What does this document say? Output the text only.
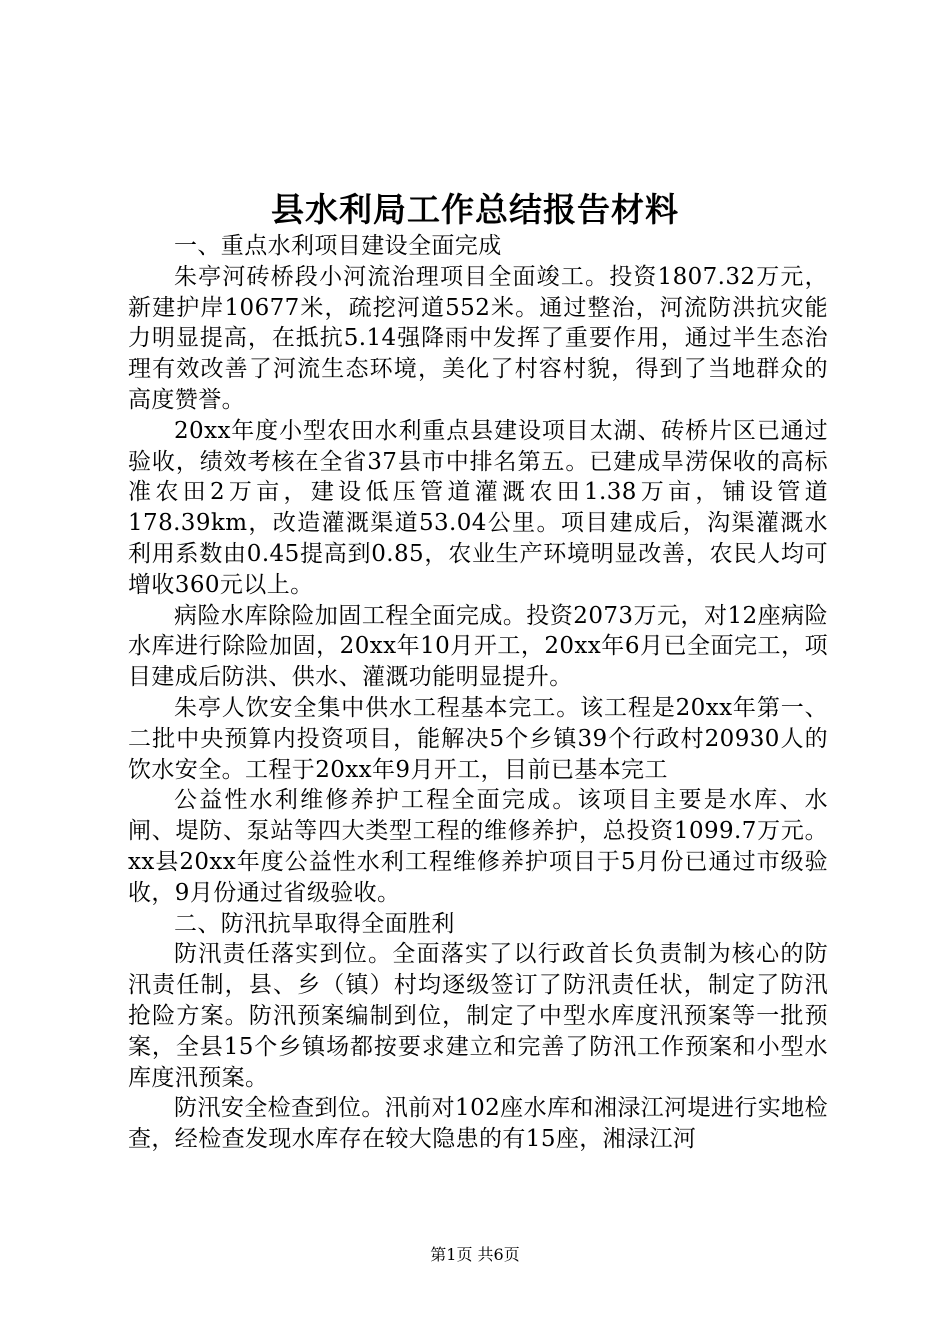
县水利局工作总结报告材料

一、重点水利项目建设全面完成

朱亭河砖桥段小河流治理项目全面竣工。投资1807.32万元，新建护岸10677米，疏挖河道552米。通过整治，河流防洪抗灾能力明显提高，在抵抗5.14强降雨中发挥了重要作用，通过半生态治理有效改善了河流生态环境，美化了村容村貌，得到了当地群众的高度赞誉。

20xx年度小型农田水利重点县建设项目太湖、砖桥片区已通过验收，绩效考核在全省37县市中排名第五。已建成旱涝保收的高标准农田2万亩，建设低压管道灌溉农田1.38万亩，铺设管道178.39km，改造灌溉渠道53.04公里。项目建成后，沟渠灌溉水利用系数由0.45提高到0.85，农业生产环境明显改善，农民人均可增收360元以上。

病险水库除险加固工程全面完成。投资2073万元，对12座病险水库进行除险加固，20xx年10月开工，20xx年6月已全面完工，项目建成后防洪、供水、灌溉功能明显提升。

朱亭人饮安全集中供水工程基本完工。该工程是20xx年第一、二批中央预算内投资项目，能解决5个乡镇39个行政村20930人的饮水安全。工程于20xx年9月开工，目前已基本完工

公益性水利维修养护工程全面完成。该项目主要是水库、水闸、堤防、泵站等四大类型工程的维修养护，总投资1099.7万元。xx县20xx年度公益性水利工程维修养护项目于5月份已通过市级验收，9月份通过省级验收。

二、防汛抗旱取得全面胜利

防汛责任落实到位。全面落实了以行政首长负责制为核心的防汛责任制，县、乡（镇）村均逐级签订了防汛责任状，制定了防汛抢险方案。防汛预案编制到位，制定了中型水库度汛预案等一批预案，全县15个乡镇场都按要求建立和完善了防汛工作预案和小型水库度汛预案。

防汛安全检查到位。汛前对102座水库和湘渌江河堤进行实地检查，经检查发现水库存在较大隐患的有15座，湘渌江河

第1页 共6页
